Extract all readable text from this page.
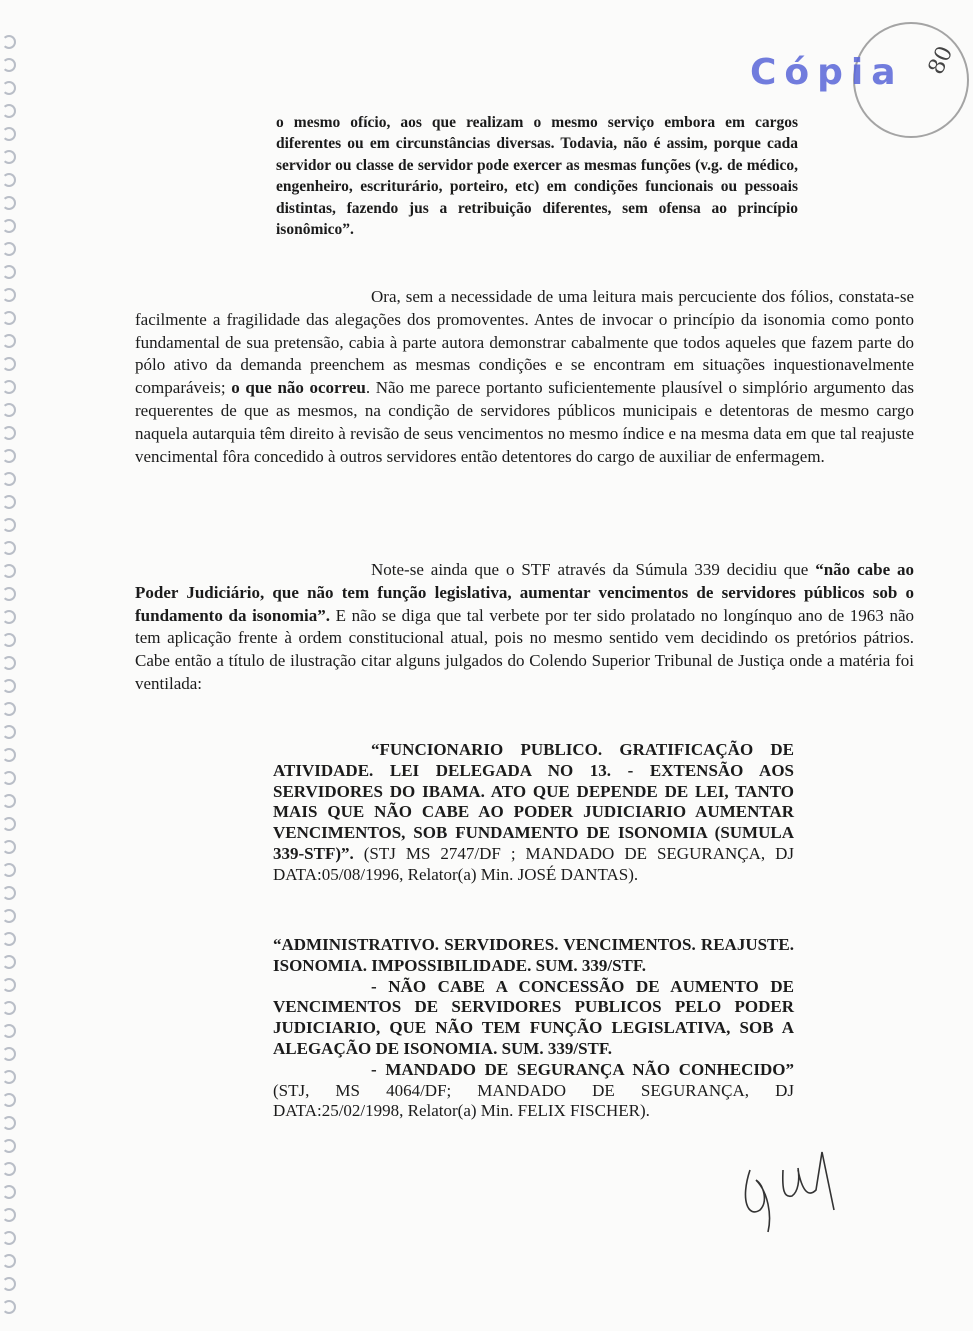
Cópia 80
o mesmo ofício, aos que realizam o mesmo serviço embora em cargos diferentes ou em circunstâncias diversas. Todavia, não é assim, porque cada servidor ou classe de servidor pode exercer as mesmas funções (v.g. de médico, engenheiro, escriturário, porteiro, etc) em condições funcionais ou pessoais distintas, fazendo jus a retribuição diferentes, sem ofensa ao princípio isonômico”.
Ora, sem a necessidade de uma leitura mais percuciente dos fólios, constata-se facilmente a fragilidade das alegações dos promoventes. Antes de invocar o princípio da isonomia como ponto fundamental de sua pretensão, cabia à parte autora demonstrar cabalmente que todos aqueles que fazem parte do pólo ativo da demanda preenchem as mesmas condições e se encontram em situações inquestionavelmente comparáveis; o que não ocorreu. Não me parece portanto suficientemente plausível o simplório argumento das requerentes de que as mesmos, na condição de servidores públicos municipais e detentoras de mesmo cargo naquela autarquia têm direito à revisão de seus vencimentos no mesmo índice e na mesma data em que tal reajuste vencimental fôra concedido à outros servidores então detentores do cargo de auxiliar de enfermagem.
Note-se ainda que o STF através da Súmula 339 decidiu que “não cabe ao Poder Judiciário, que não tem função legislativa, aumentar vencimentos de servidores públicos sob o fundamento da isonomia”. E não se diga que tal verbete por ter sido prolatado no longínquo ano de 1963 não tem aplicação frente à ordem constitucional atual, pois no mesmo sentido vem decidindo os pretórios pátrios. Cabe então a título de ilustração citar alguns julgados do Colendo Superior Tribunal de Justiça onde a matéria foi ventilada:
“FUNCIONARIO PUBLICO. GRATIFICAÇÃO DE ATIVIDADE. LEI DELEGADA NO 13. - EXTENSÃO AOS SERVIDORES DO IBAMA. ATO QUE DEPENDE DE LEI, TANTO MAIS QUE NÃO CABE AO PODER JUDICIARIO AUMENTAR VENCIMENTOS, SOB FUNDAMENTO DE ISONOMIA (SUMULA 339-STF)”. (STJ MS 2747/DF ; MANDADO DE SEGURANÇA, DJ DATA:05/08/1996, Relator(a) Min. JOSÉ DANTAS).
“ADMINISTRATIVO. SERVIDORES. VENCIMENTOS. REAJUSTE. ISONOMIA. IMPOSSIBILIDADE. SUM. 339/STF.
- NÃO CABE A CONCESSÃO DE AUMENTO DE VENCIMENTOS DE SERVIDORES PUBLICOS PELO PODER JUDICIARIO, QUE NÃO TEM FUNÇÃO LEGISLATIVA, SOB A ALEGAÇÃO DE ISONOMIA. SUM. 339/STF.
- MANDADO DE SEGURANÇA NÃO CONHECIDO” (STJ, MS 4064/DF; MANDADO DE SEGURANÇA, DJ DATA:25/02/1998, Relator(a) Min. FELIX FISCHER).
